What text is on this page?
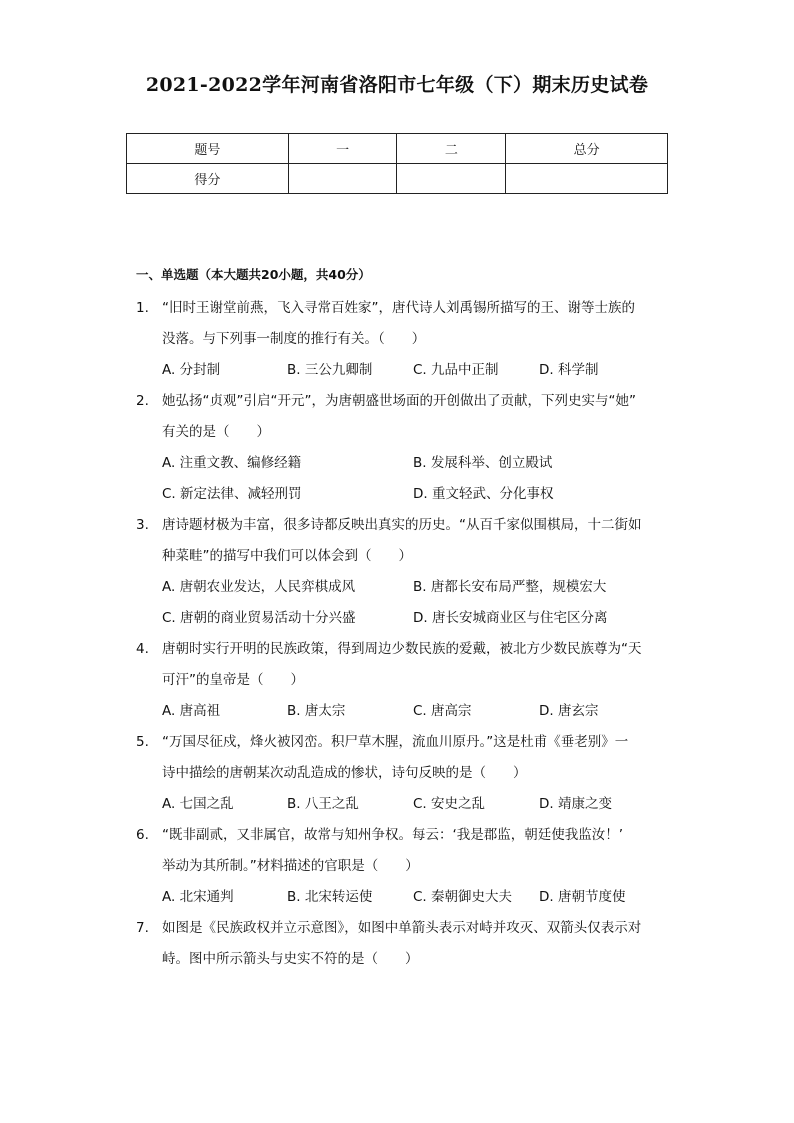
2021-2022学年河南省洛阳市七年级（下）期末历史试卷
题号	一	二	总分
得分			
一、单选题（本大题共20小题，共40分）
1. “旧时王谢堂前燕，飞入寻常百姓家”，唐代诗人刘禹锡所描写的王、谢等士族的
没落。与下列事一制度的推行有关。（　　）
A. 分封制	B. 三公九卿制	C. 九品中正制	D. 科学制
2. 她弘扬“贞观”引启“开元”，为唐朝盛世场面的开创做出了贡献，下列史实与“她”
有关的是（　　）
A. 注重文教、编修经籍	B. 发展科举、创立殿试
C. 新定法律、减轻刑罚	D. 重文轻武、分化事权
3. 唐诗题材极为丰富，很多诗都反映出真实的历史。“从百千家似围棋局，十二街如
种菜畦”的描写中我们可以体会到（　　）
A. 唐朝农业发达，人民弈棋成风	B. 唐都长安布局严整，规模宏大
C. 唐朝的商业贸易活动十分兴盛	D. 唐长安城商业区与住宅区分离
4. 唐朝时实行开明的民族政策，得到周边少数民族的爱戴，被北方少数民族尊为“天
可汗”的皇帝是（　　）
A. 唐高祖	B. 唐太宗	C. 唐高宗	D. 唐玄宗
5. “万国尽征戍，烽火被冈峦。积尸草木腥，流血川原丹。”这是杜甫《垂老别》一
诗中描绘的唐朝某次动乱造成的惨状，诗句反映的是（　　）
A. 七国之乱	B. 八王之乱	C. 安史之乱	D. 靖康之变
6. “既非副贰，又非属官，故常与知州争权。每云：‘我是郡监，朝廷使我监汝！’
举动为其所制。”材料描述的官职是（　　）
A. 北宋通判	B. 北宋转运使	C. 秦朝御史大夫	D. 唐朝节度使
7. 如图是《民族政权并立示意图》，如图中单箭头表示对峙并攻灭、双箭头仅表示对
峙。图中所示箭头与史实不符的是（　　）
